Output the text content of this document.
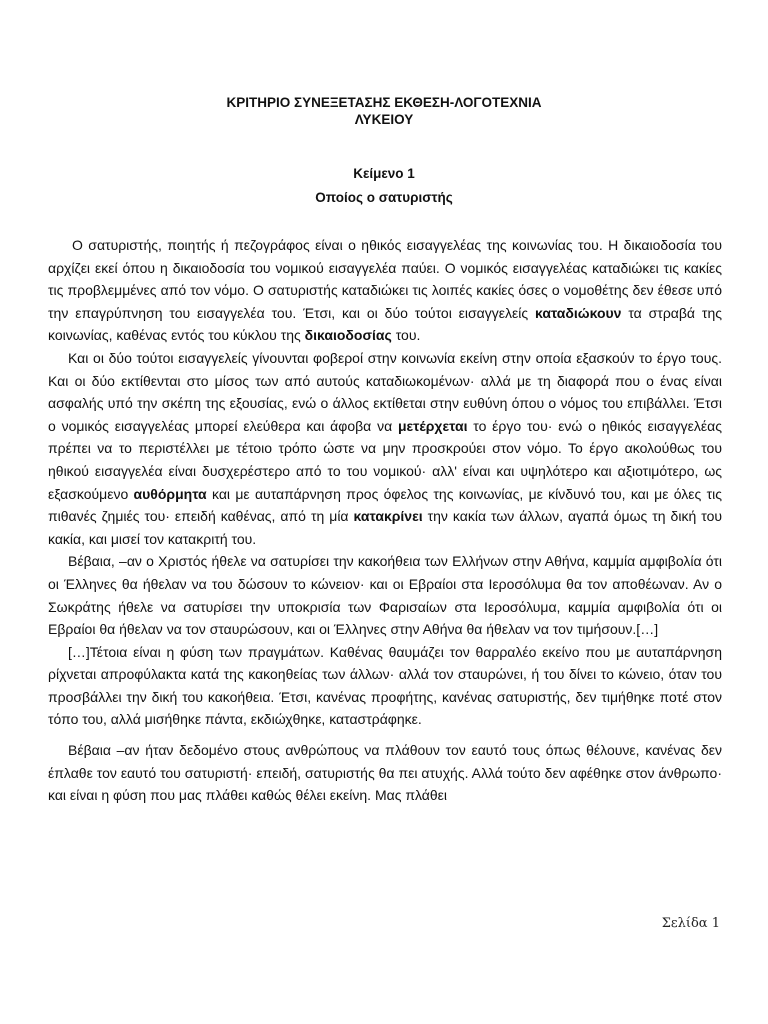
ΚΡΙΤΗΡΙΟ ΣΥΝΕΞΕΤΑΣΗΣ ΕΚΘΕΣΗ-ΛΟΓΟΤΕΧΝΙΑ
ΛΥΚΕΙΟΥ
Κείμενο 1
Οποίος ο σατυριστής

Ο σατυριστής, ποιητής ή πεζογράφος είναι ο ηθικός εισαγγελέας της κοινωνίας του. Η δικαιοδοσία του αρχίζει εκεί όπου η δικαιοδοσία του νομικού εισαγγελέα παύει. Ο νομικός εισαγγελέας καταδιώκει τις κακίες τις προβλεμμένες από τον νόμο. Ο σατυριστής καταδιώκει τις λοιπές κακίες όσες ο νομοθέτης δεν έθεσε υπό την επαγρύπνηση του εισαγγελέα του. Έτσι, και οι δύο τούτοι εισαγγελείς καταδιώκουν τα στραβά της κοινωνίας, καθένας εντός του κύκλου της δικαιοδοσίας του.

Και οι δύο τούτοι εισαγγελείς γίνουνται φοβεροί στην κοινωνία εκείνη στην οποία εξασκούν το έργο τους. Και οι δύο εκτίθενται στο μίσος των από αυτούς καταδιωκομένων· αλλά με τη διαφορά που ο ένας είναι ασφαλής υπό την σκέπη της εξουσίας, ενώ ο άλλος εκτίθεται στην ευθύνη όπου ο νόμος του επιβάλλει. Έτσι ο νομικός εισαγγελέας μπορεί ελεύθερα και άφοβα να μετέρχεται το έργο του· ενώ ο ηθικός εισαγγελέας πρέπει να το περιστέλλει με τέτοιο τρόπο ώστε να μην προσκρούει στον νόμο. Το έργο ακολούθως του ηθικού εισαγγελέα είναι δυσχερέστερο από το του νομικού· αλλ' είναι και υψηλότερο και αξιοτιμότερο, ως εξασκούμενο αυθόρμητα και με αυταπάρνηση προς όφελος της κοινωνίας, με κίνδυνό του, και με όλες τις πιθανές ζημιές του· επειδή καθένας, από τη μία κατακρίνει την κακία των άλλων, αγαπά όμως τη δική του κακία, και μισεί τον κατακριτή του.

Βέβαια, –αν ο Χριστός ήθελε να σατυρίσει την κακοήθεια των Ελλήνων στην Αθήνα, καμμία αμφιβολία ότι οι Έλληνες θα ήθελαν να του δώσουν το κώνειον· και οι Εβραίοι στα Ιεροσόλυμα θα τον αποθέωναν. Αν ο Σωκράτης ήθελε να σατυρίσει την υποκρισία των Φαρισαίων στα Ιεροσόλυμα, καμμία αμφιβολία ότι οι Εβραίοι θα ήθελαν να τον σταυρώσουν, και οι Έλληνες στην Αθήνα θα ήθελαν να τον τιμήσουν.[…]

[…]Τέτοια είναι η φύση των πραγμάτων. Καθένας θαυμάζει τον θαρραλέο εκείνο που με αυταπάρνηση ρίχνεται απροφύλακτα κατά της κακοηθείας των άλλων· αλλά τον σταυρώνει, ή του δίνει το κώνειο, όταν του προσβάλλει την δική του κακοήθεια. Έτσι, κανένας προφήτης, κανένας σατυριστής, δεν τιμήθηκε ποτέ στον τόπο του, αλλά μισήθηκε πάντα, εκδιώχθηκε, καταστράφηκε.

Βέβαια –αν ήταν δεδομένο στους ανθρώπους να πλάθουν τον εαυτό τους όπως θέλουνε, κανένας δεν έπλαθε τον εαυτό του σατυριστή· επειδή, σατυριστής θα πει ατυχής. Αλλά τούτο δεν αφέθηκε στον άνθρωπο· και είναι η φύση που μας πλάθει καθώς θέλει εκείνη. Μας πλάθει

Σελίδα 1
